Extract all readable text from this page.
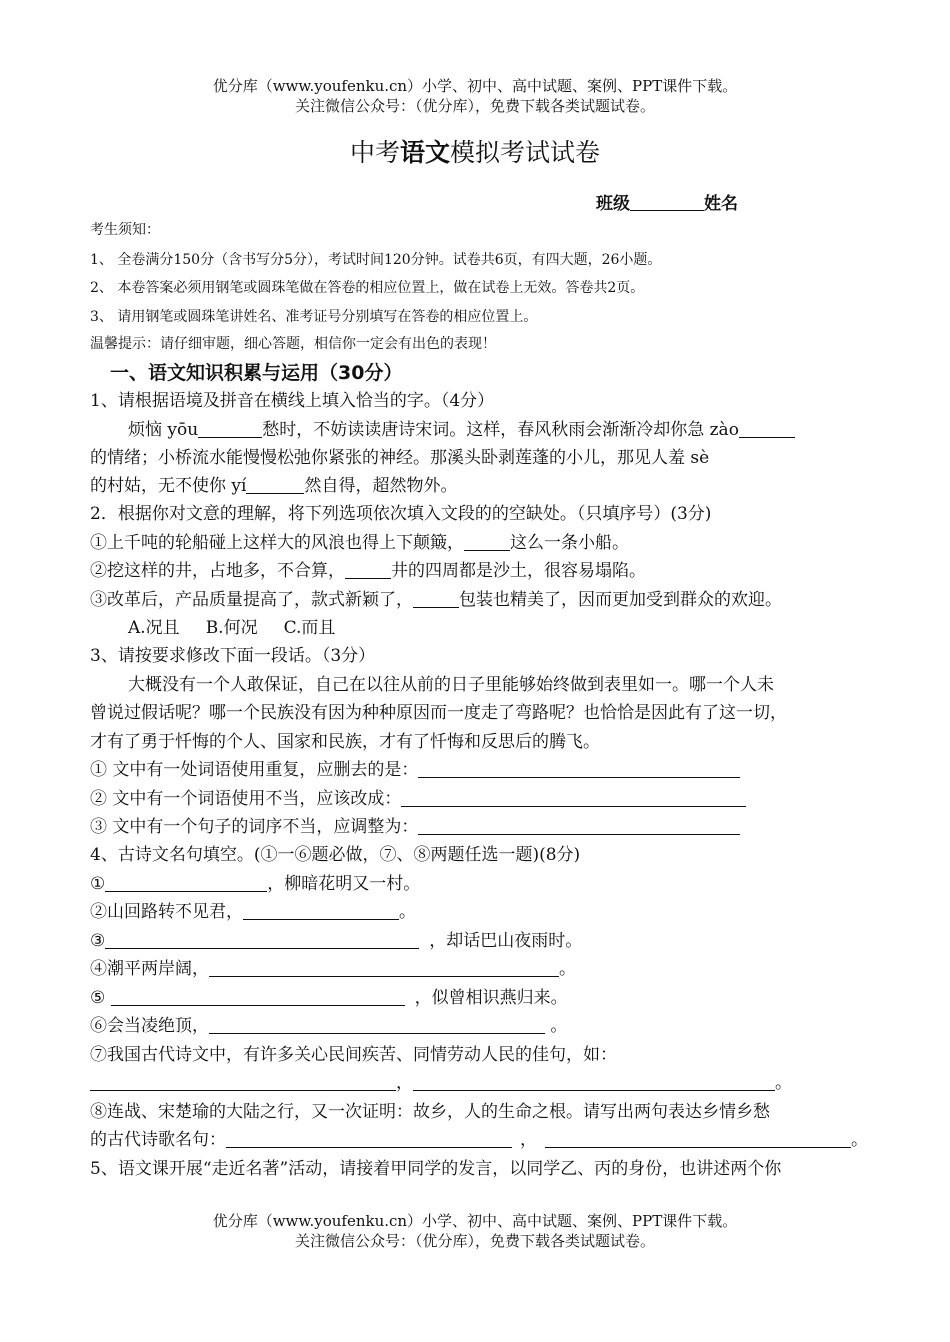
优分库（www.youfenku.cn）小学、初中、高中试题、案例、PPT课件下载。
关注微信公众号：（优分库），免费下载各类试题试卷。
中考语文模拟考试试卷
班级	姓名
考生须知：
1、 全卷满分150分（含书写分5分），考试时间120分钟。试卷共6页，有四大题，26小题。
2、 本卷答案必须用钢笔或圆珠笔做在答卷的相应位置上，做在试卷上无效。答卷共2页。
3、 请用钢笔或圆珠笔讲姓名、准考证号分别填写在答卷的相应位置上。
温馨提示：请仔细审题，细心答题，相信你一定会有出色的表现！
一、语文知识积累与运用（30分）
1、请根据语境及拼音在横线上填入恰当的字。（4分）
烦恼 yōu	愁时，不妨读读唐诗宋词。这样，春风秋雨会渐渐冷却你急 zào
的情绪；小桥流水能慢慢松弛你紧张的神经。那溪头卧剥莲蓬的小儿，那见人羞 sè
的村姑，无不使你 yí	然自得，超然物外。
2．根据你对文意的理解，将下列选项依次填入文段的的空缺处。（只填序号）(3分)
①上千吨的轮船碰上这样大的风浪也得上下颠簸，	这么一条小船。
②挖这样的井，占地多，不合算，	井的四周都是沙土，很容易塌陷。
③改革后，产品质量提高了，款式新颖了，	包装也精美了，因而更加受到群众的欢迎。
A.况且 B.何况 C.而且
3、请按要求修改下面一段话。（3分）
大概没有一个人敢保证，自己在以往从前的日子里能够始终做到表里如一。哪一个人未
曾说过假话呢？哪一个民族没有因为种种原因而一度走了弯路呢？也恰恰是因此有了这一切，
才有了勇于忏悔的个人、国家和民族，才有了忏悔和反思后的腾飞。
① 文中有一处词语使用重复，应删去的是：
② 文中有一个词语使用不当，应该改成：
③ 文中有一个句子的词序不当，应调整为：
4、古诗文名句填空。(①一⑥题必做，⑦、⑧两题任选一题)(8分)
①	，柳暗花明又一村。
②山回路转不见君，	。
③	，却话巴山夜雨时。
④潮平两岸阔，	。
⑤	，似曾相识燕归来。
⑥会当凌绝顶，	。
⑦我国古代诗文中，有许多关心民间疾苦、同情劳动人民的佳句，如：
，	。
⑧连战、宋楚瑜的大陆之行，又一次证明：故乡，人的生命之根。请写出两句表达乡情乡愁
的古代诗歌名句：	，	。
5、语文课开展“走近名著”活动，请接着甲同学的发言，以同学乙、丙的身份，也讲述两个你
优分库（www.youfenku.cn）小学、初中、高中试题、案例、PPT课件下载。
关注微信公众号：（优分库），免费下载各类试题试卷。
